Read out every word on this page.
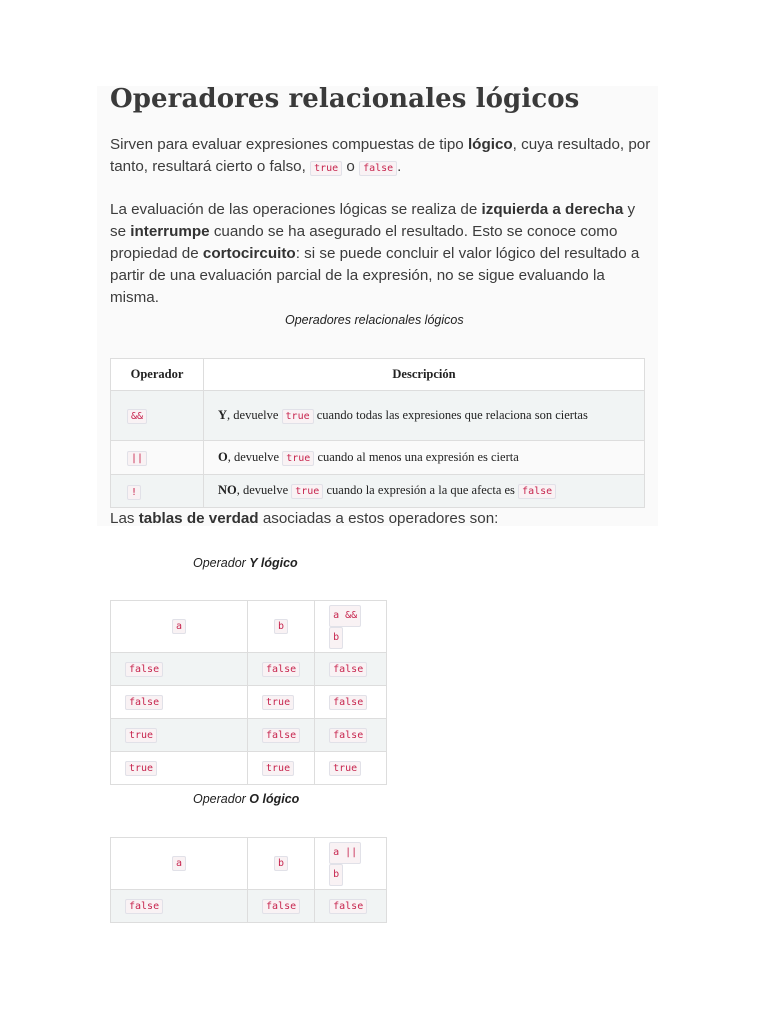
Operadores relacionales lógicos

Sirven para evaluar expresiones compuestas de tipo lógico, cuya resultado, por tanto, resultará cierto o falso, true o false .

La evaluación de las operaciones lógicas se realiza de izquierda a derecha y se interrumpe cuando se ha asegurado el resultado. Esto se conoce como propiedad de cortocircuito: si se puede concluir el valor lógico del resultado a partir de una evaluación parcial de la expresión, no se sigue evaluando la misma.

Operadores relacionales lógicos

Operador	Descripción
&&	Y, devuelve true cuando todas las expresiones que relaciona son ciertas
||	O, devuelve true cuando al menos una expresión es cierta
!	NO, devuelve true cuando la expresión a la que afecta es false

Las tablas de verdad asociadas a estos operadores son:

Operador Y lógico

a	b	$\frac{a \&\&}{b}$
false	false	false
false	true	false
true	false	false
true	true	true

Operador O lógico

a	b	$\frac{a ||}{b}$
false	false	false
